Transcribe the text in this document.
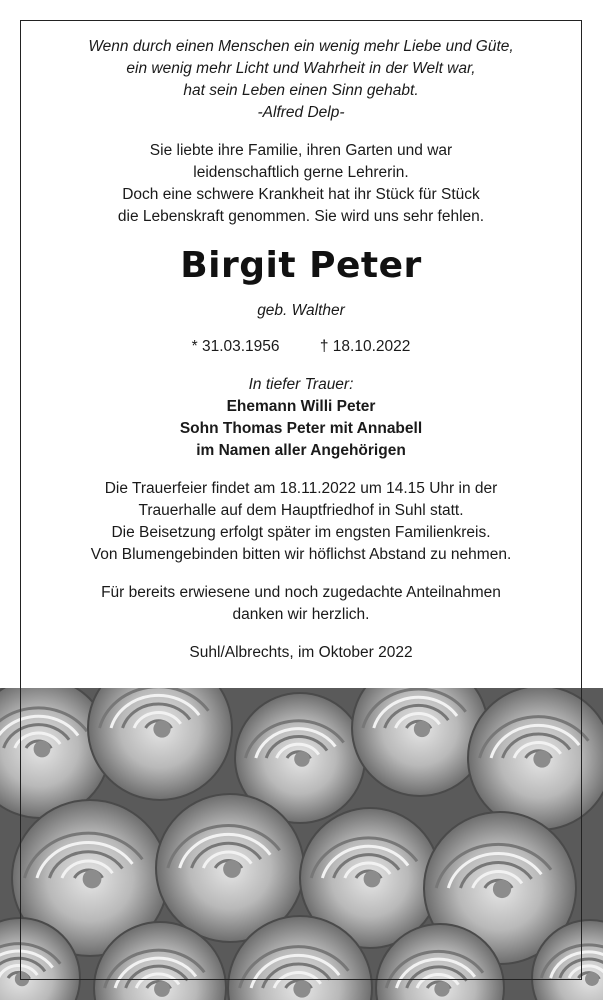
Wenn durch einen Menschen ein wenig mehr Liebe und Güte,
ein wenig mehr Licht und Wahrheit in der Welt war,
hat sein Leben einen Sinn gehabt.
-Alfred Delp-
Sie liebte ihre Familie, ihren Garten und war
leidenschaftlich gerne Lehrerin.
Doch eine schwere Krankheit hat ihr Stück für Stück
die Lebenskraft genommen. Sie wird uns sehr fehlen.
Birgit Peter
geb. Walther
* 31.03.1956	† 18.10.2022
In tiefer Trauer:
Ehemann Willi Peter
Sohn Thomas Peter mit Annabell
im Namen aller Angehörigen
Die Trauerfeier findet am 18.11.2022 um 14.15 Uhr in der
Trauerhalle auf dem Hauptfriedhof in Suhl statt.
Die Beisetzung erfolgt später im engsten Familienkreis.
Von Blumengebinden bitten wir höflichst Abstand zu nehmen.
Für bereits erwiesene und noch zugedachte Anteilnahmen
danken wir herzlich.
Suhl/Albrechts, im Oktober 2022
